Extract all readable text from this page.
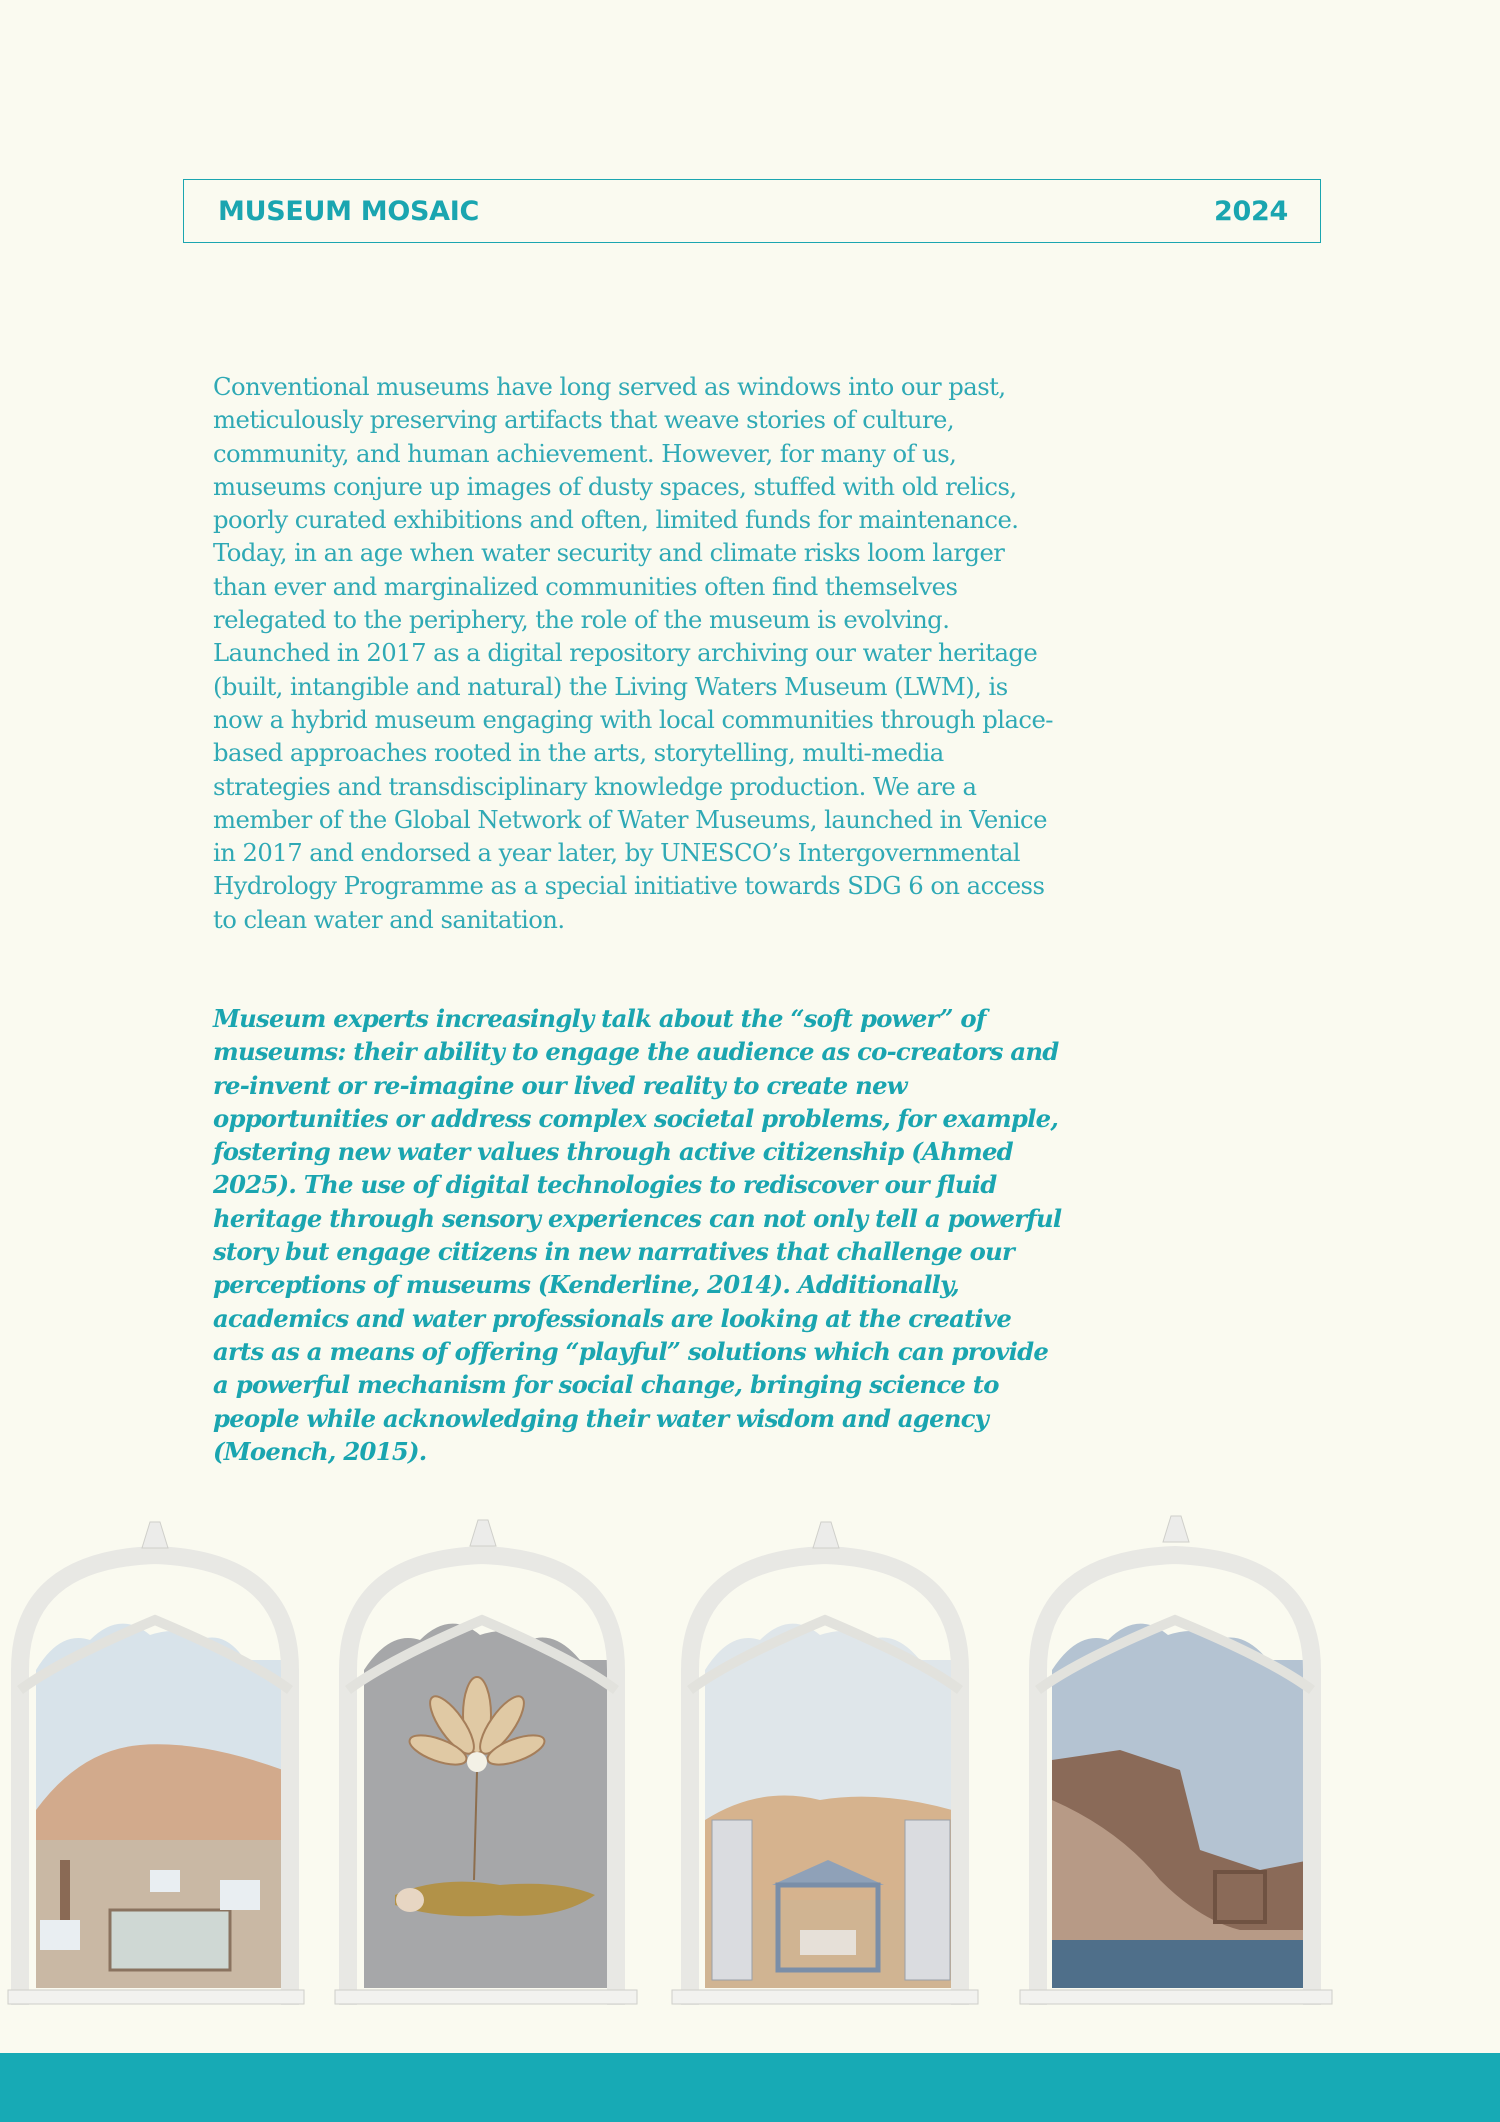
MUSEUM MOSAIC	2024

Conventional museums have long served as windows into our past, meticulously preserving artifacts that weave stories of culture, community, and human achievement. However, for many of us, museums conjure up images of dusty spaces, stuffed with old relics, poorly curated exhibitions and often, limited funds for maintenance. Today, in an age when water security and climate risks loom larger than ever and marginalized communities often find themselves relegated to the periphery, the role of the museum is evolving. Launched in 2017 as a digital repository archiving our water heritage (built, intangible and natural) the Living Waters Museum (LWM), is now a hybrid museum engaging with local communities through place-based approaches rooted in the arts, storytelling, multi-media strategies and transdisciplinary knowledge production. We are a member of the Global Network of Water Museums, launched in Venice in 2017 and endorsed a year later, by UNESCO’s Intergovernmental Hydrology Programme as a special initiative towards SDG 6 on access to clean water and sanitation.

Museum experts increasingly talk about the “soft power” of museums: their ability to engage the audience as co-creators and re-invent or re-imagine our lived reality to create new opportunities or address complex societal problems, for example, fostering new water values through active citizenship (Ahmed 2025). The use of digital technologies to rediscover our fluid heritage through sensory experiences can not only tell a powerful story but engage citizens in new narratives that challenge our perceptions of museums (Kenderline, 2014). Additionally, academics and water professionals are looking at the creative arts as a means of offering “playful” solutions which can provide a powerful mechanism for social change, bringing science to people while acknowledging their water wisdom and agency (Moench, 2015).
